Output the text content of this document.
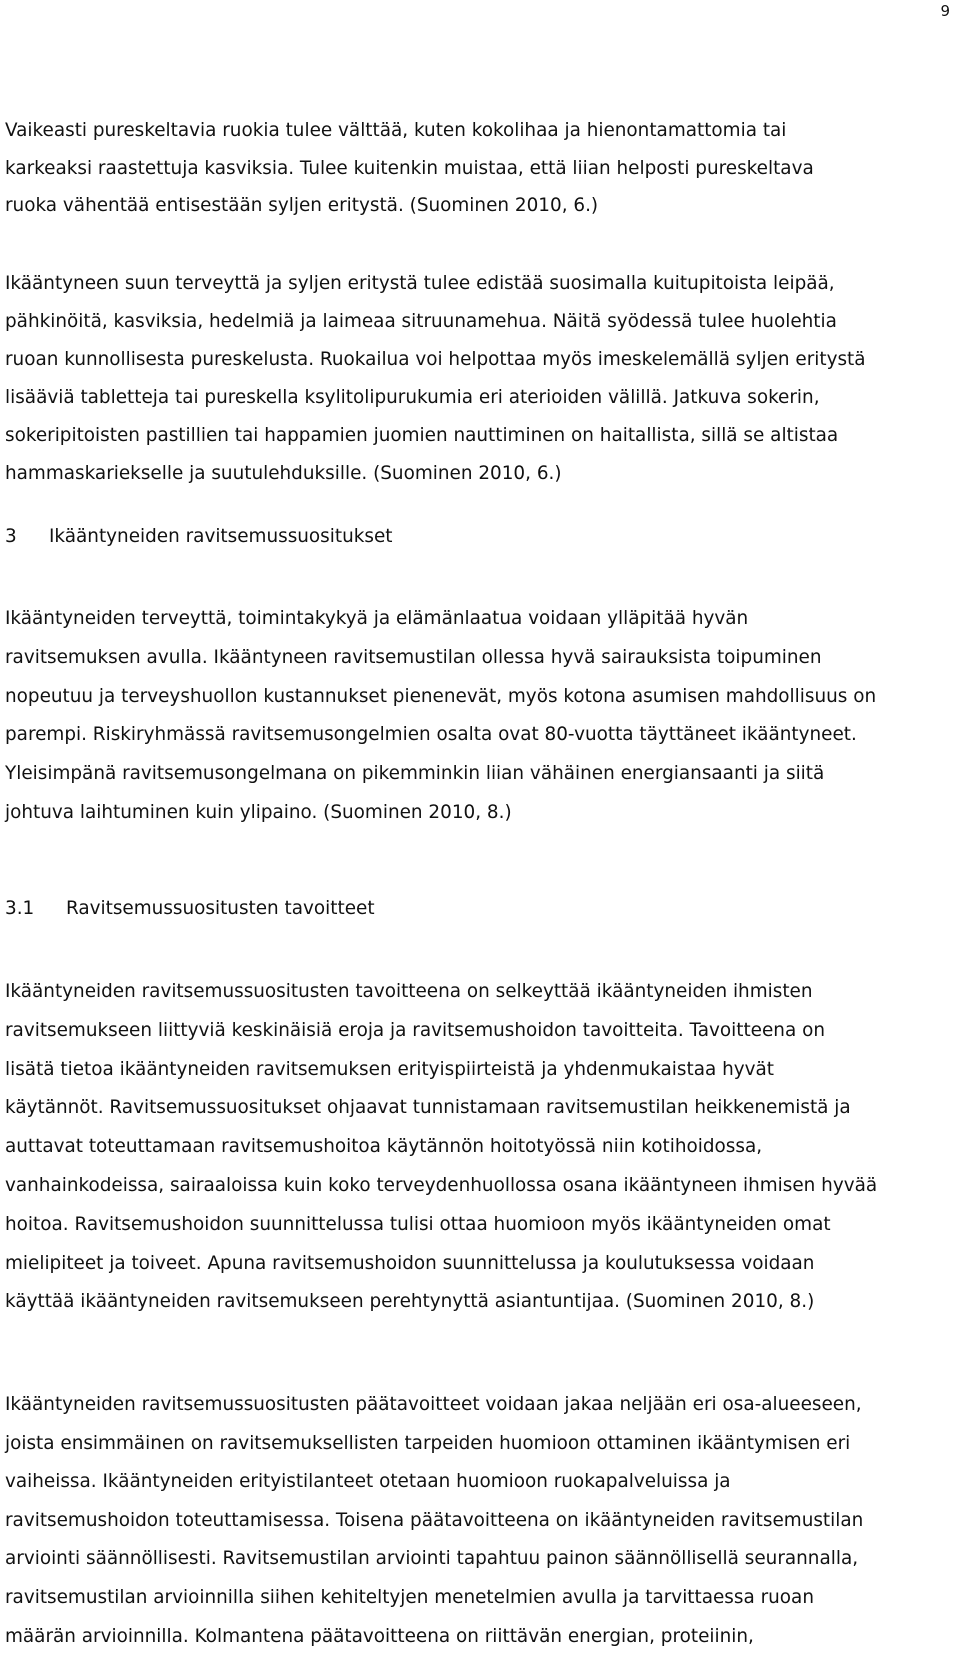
9
Vaikeasti pureskeltavia ruokia tulee välttää, kuten kokolihaa ja hienontamattomia tai
karkeaksi raastettuja kasviksia. Tulee kuitenkin muistaa, että liian helposti pureskeltava
ruoka vähentää entisestään syljen eritystä. (Suominen 2010, 6.)
Ikääntyneen suun terveyttä ja syljen eritystä tulee edistää suosimalla kuitupitoista leipää,
pähkinöitä, kasviksia, hedelmiä ja laimeaa sitruunamehua. Näitä syödessä tulee huolehtia
ruoan kunnollisesta pureskelusta. Ruokailua voi helpottaa myös imeskelemällä syljen eritystä
lisääviä tabletteja tai pureskella ksylitolipurukumia eri aterioiden välillä. Jatkuva sokerin,
sokeripitoisten pastillien tai happamien juomien nauttiminen on haitallista, sillä se altistaa
hammaskariekselle ja suutulehduksille. (Suominen 2010, 6.)
3 Ikääntyneiden ravitsemussuositukset
Ikääntyneiden terveyttä, toimintakykyä ja elämänlaatua voidaan ylläpitää hyvän
ravitsemuksen avulla. Ikääntyneen ravitsemustilan ollessa hyvä sairauksista toipuminen
nopeutuu ja terveyshuollon kustannukset pienenevät, myös kotona asumisen mahdollisuus on
parempi. Riskiryhmässä ravitsemusongelmien osalta ovat 80-vuotta täyttäneet ikääntyneet.
Yleisimpänä ravitsemusongelmana on pikemminkin liian vähäinen energiansaanti ja siitä
johtuva laihtuminen kuin ylipaino. (Suominen 2010, 8.)
3.1 Ravitsemussuositusten tavoitteet
Ikääntyneiden ravitsemussuositusten tavoitteena on selkeyttää ikääntyneiden ihmisten
ravitsemukseen liittyviä keskinäisiä eroja ja ravitsemushoidon tavoitteita. Tavoitteena on
lisätä tietoa ikääntyneiden ravitsemuksen erityispiirteistä ja yhdenmukaistaa hyvät
käytännöt. Ravitsemussuositukset ohjaavat tunnistamaan ravitsemustilan heikkenemistä ja
auttavat toteuttamaan ravitsemushoitoa käytännön hoitotyössä niin kotihoidossa,
vanhainkodeissa, sairaaloissa kuin koko terveydenhuollossa osana ikääntyneen ihmisen hyvää
hoitoa. Ravitsemushoidon suunnittelussa tulisi ottaa huomioon myös ikääntyneiden omat
mielipiteet ja toiveet. Apuna ravitsemushoidon suunnittelussa ja koulutuksessa voidaan
käyttää ikääntyneiden ravitsemukseen perehtynyttä asiantuntijaa. (Suominen 2010, 8.)
Ikääntyneiden ravitsemussuositusten päätavoitteet voidaan jakaa neljään eri osa-alueeseen,
joista ensimmäinen on ravitsemuksellisten tarpeiden huomioon ottaminen ikääntymisen eri
vaiheissa. Ikääntyneiden erityistilanteet otetaan huomioon ruokapalveluissa ja
ravitsemushoidon toteuttamisessa. Toisena päätavoitteena on ikääntyneiden ravitsemustilan
arviointi säännöllisesti. Ravitsemustilan arviointi tapahtuu painon säännöllisellä seurannalla,
ravitsemustilan arvioinnilla siihen kehiteltyjen menetelmien avulla ja tarvittaessa ruoan
määrän arvioinnilla. Kolmantena päätavoitteena on riittävän energian, proteiinin,
